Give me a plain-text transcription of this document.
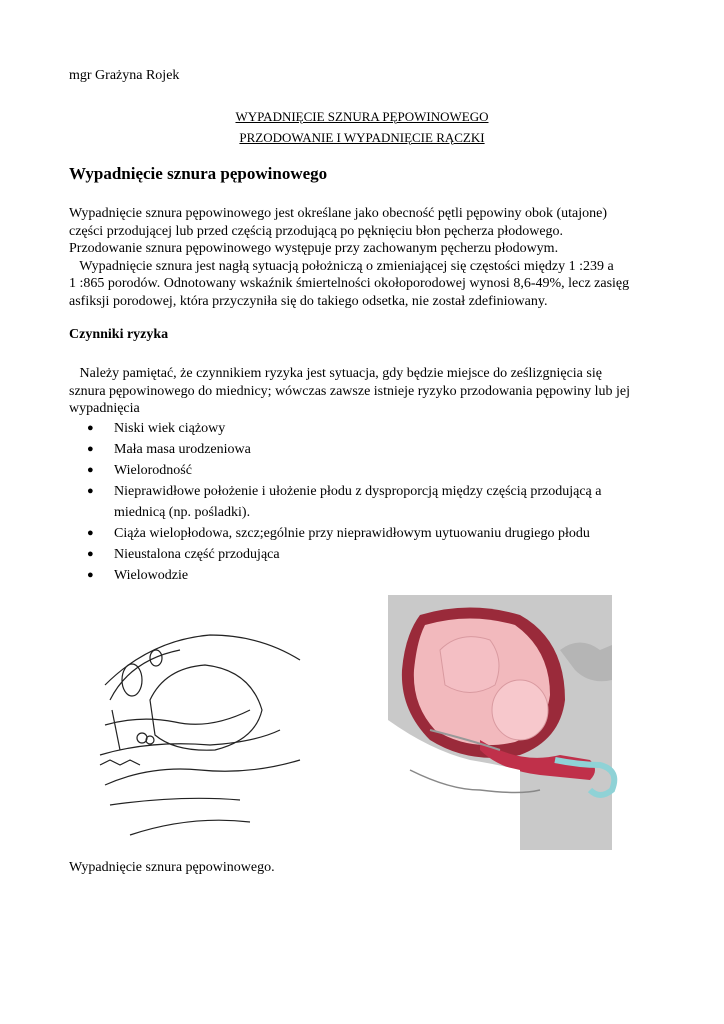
mgr Grażyna Rojek
WYPADNIĘCIE SZNURA PĘPOWINOWEGO
PRZODOWANIE I WYPADNIĘCIE RĄCZKI
Wypadnięcie sznura pępowinowego
Wypadnięcie sznura pępowinowego jest określane jako obecność pętli pępowiny obok (utajone)
części przodującej lub przed częścią przodującą po pęknięciu błon pęcherza płodowego.
Przodowanie sznura pępowinowego występuje przy zachowanym pęcherzu płodowym.
Wypadnięcie sznura jest nagłą sytuacją położniczą o zmieniającej się częstości między 1 :239 a
1 :865 porodów. Odnotowany wskaźnik śmiertelności okołoporodowej wynosi 8,6-49%, lecz zasięg
asfiksji porodowej, która przyczyniła się do takiego odsetka, nie został zdefiniowany.
Czynniki ryzyka
Należy pamiętać, że czynnikiem ryzyka jest sytuacja, gdy będzie miejsce do ześlizgnięcia się
sznura pępowinowego do miednicy; wówczas zawsze istnieje ryzyko przodowania pępowiny lub jej
wypadnięcia
● Niski wiek ciążowy
● Mała masa urodzeniowa
● Wielorodność
● Nieprawidłowe położenie i ułożenie płodu z dysproporcją między częścią przodującą a
miednicą (np. pośladki).
● Ciąża wielopłodowa, szcz;ególnie przy nieprawidłowym uytuowaniu drugiego płodu
● Nieustalona część przodująca
● Wielowodzie
Wypadnięcie sznura pępowinowego.
